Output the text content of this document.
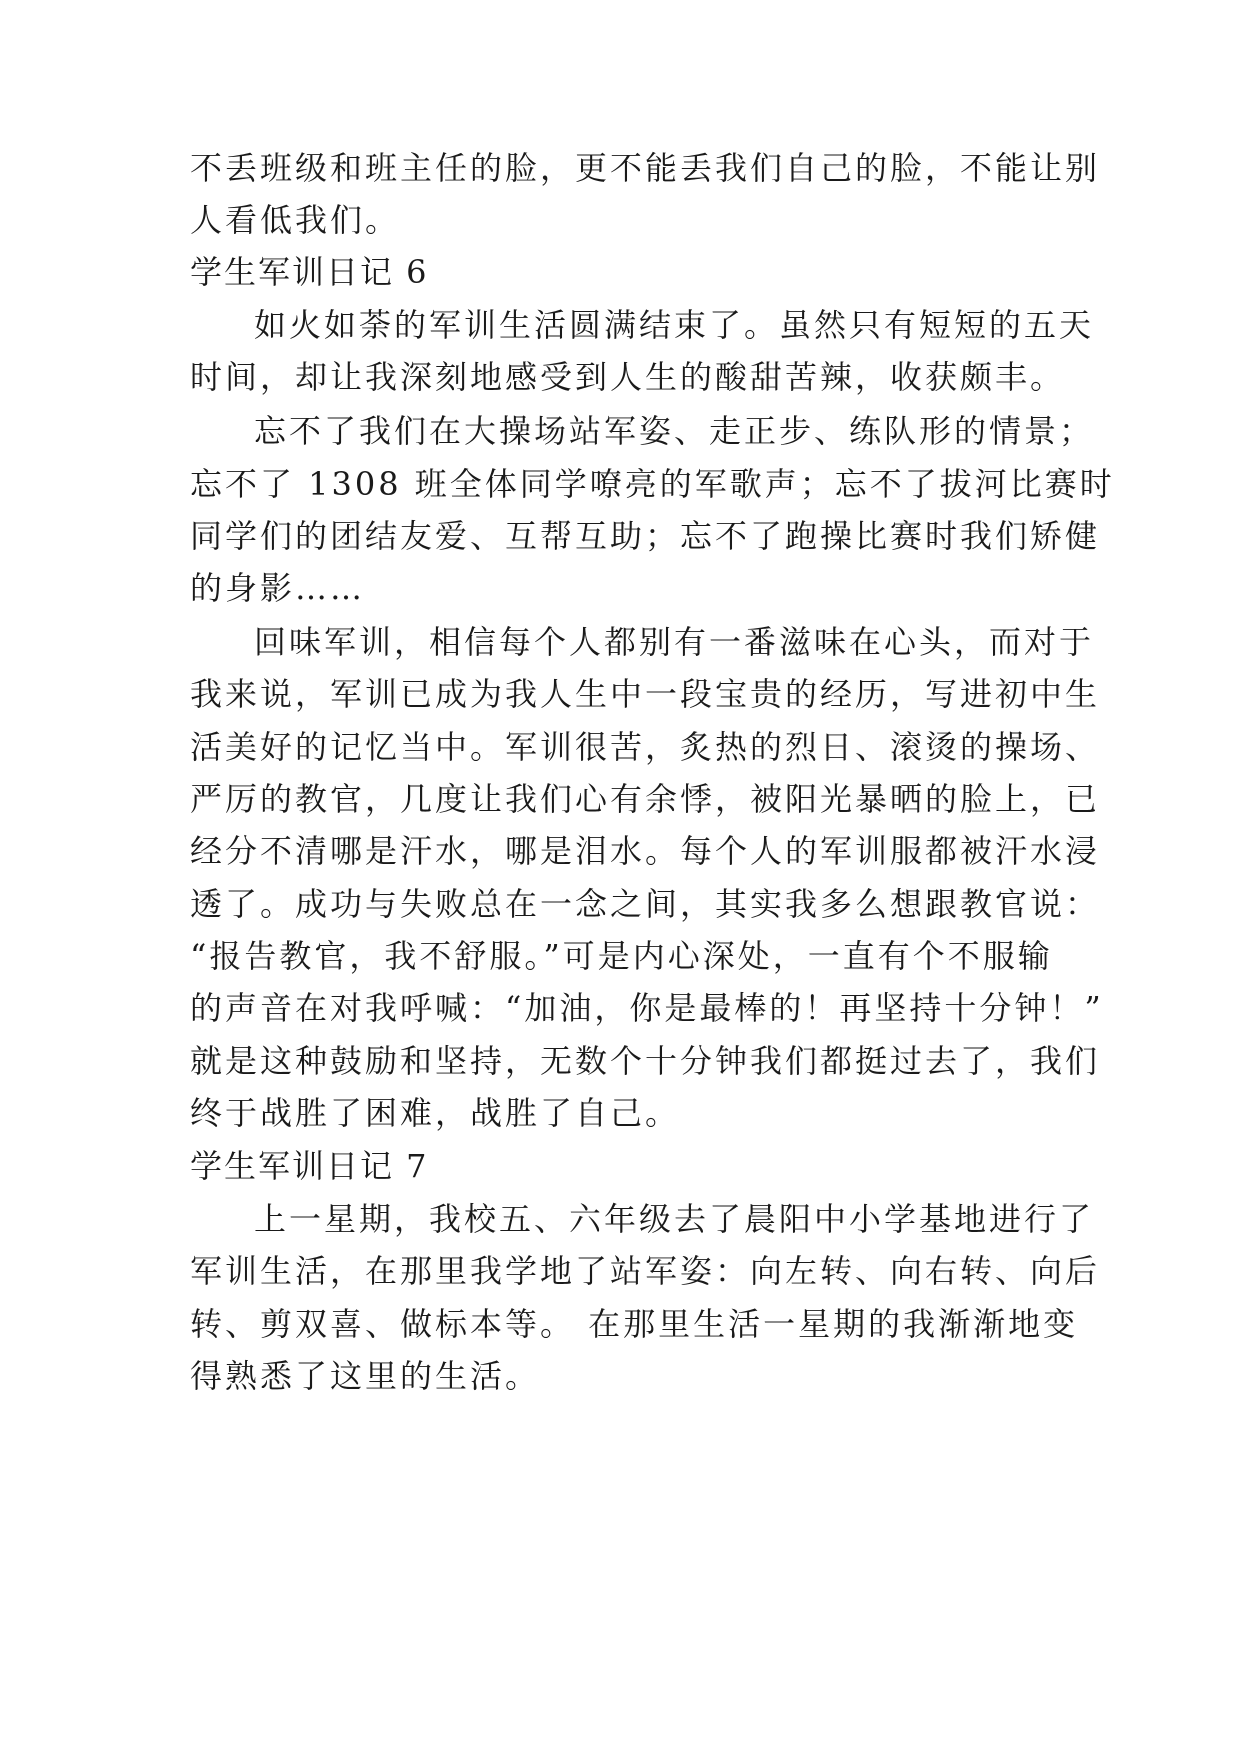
不丢班级和班主任的脸，更不能丢我们自己的脸，不能让别
人看低我们。
学生军训日记 6
如火如荼的军训生活圆满结束了。虽然只有短短的五天
时间，却让我深刻地感受到人生的酸甜苦辣，收获颇丰。
忘不了我们在大操场站军姿、走正步、练队形的情景；
忘不了 1308 班全体同学嘹亮的军歌声；忘不了拔河比赛时
同学们的团结友爱、互帮互助；忘不了跑操比赛时我们矫健
的身影……
回味军训，相信每个人都别有一番滋味在心头，而对于
我来说，军训已成为我人生中一段宝贵的经历，写进初中生
活美好的记忆当中。军训很苦，炙热的烈日、滚烫的操场、
严厉的教官，几度让我们心有余悸，被阳光暴晒的脸上，已
经分不清哪是汗水，哪是泪水。每个人的军训服都被汗水浸
透了。成功与失败总在一念之间，其实我多么想跟教官说：
“报告教官，我不舒服。”可是内心深处，一直有个不服输
的声音在对我呼喊：“加油，你是最棒的！再坚持十分钟！”
就是这种鼓励和坚持，无数个十分钟我们都挺过去了，我们
终于战胜了困难，战胜了自己。
学生军训日记 7
上一星期，我校五、六年级去了晨阳中小学基地进行了
军训生活，在那里我学地了站军姿：向左转、向右转、向后
转、剪双喜、做标本等。 在那里生活一星期的我渐渐地变
得熟悉了这里的生活。
